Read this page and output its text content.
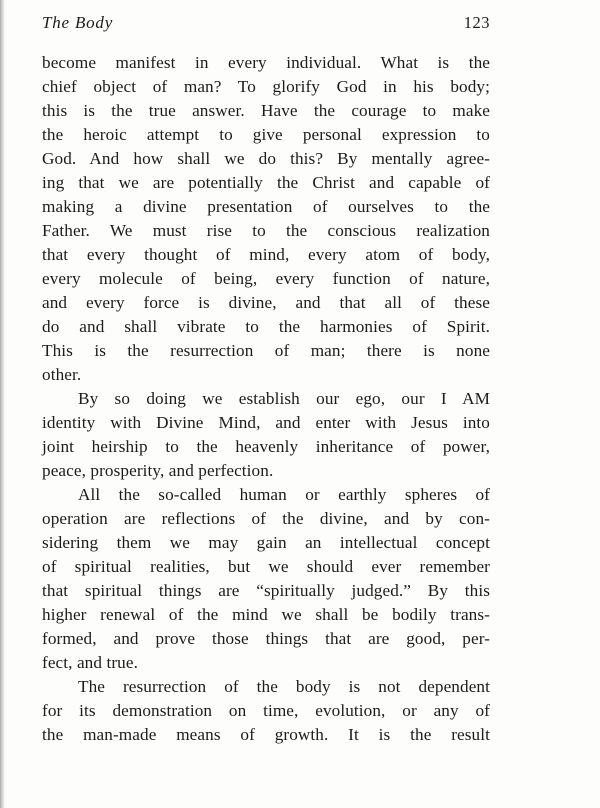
The Body	123
become manifest in every individual. What is the
chief object of man? To glorify God in his body;
this is the true answer. Have the courage to make
the heroic attempt to give personal expression to
God. And how shall we do this? By mentally agree-
ing that we are potentially the Christ and capable of
making a divine presentation of ourselves to the
Father. We must rise to the conscious realization
that every thought of mind, every atom of body,
every molecule of being, every function of nature,
and every force is divine, and that all of these
do and shall vibrate to the harmonies of Spirit.
This is the resurrection of man; there is none
other.
By so doing we establish our ego, our I AM
identity with Divine Mind, and enter with Jesus into
joint heirship to the heavenly inheritance of power,
peace, prosperity, and perfection.
All the so-called human or earthly spheres of
operation are reflections of the divine, and by con-
sidering them we may gain an intellectual concept
of spiritual realities, but we should ever remember
that spiritual things are “spiritually judged.” By this
higher renewal of the mind we shall be bodily trans-
formed, and prove those things that are good, per-
fect, and true.
The resurrection of the body is not dependent
for its demonstration on time, evolution, or any of
the man-made means of growth. It is the result
